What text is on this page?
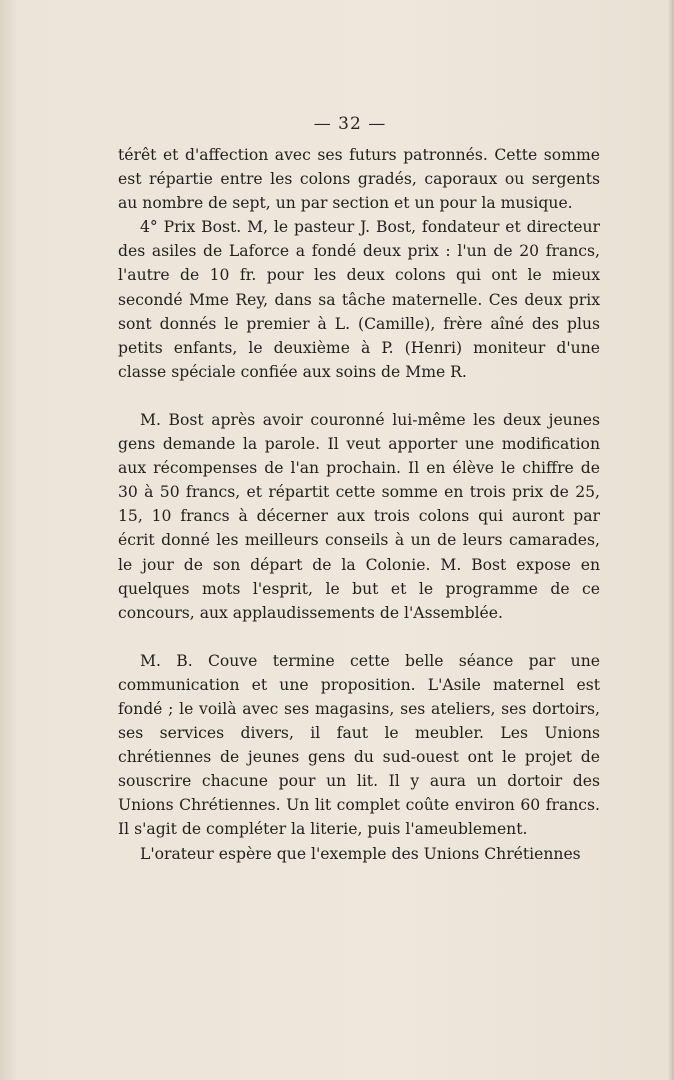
— 32 —

térêt et d'affection avec ses futurs patronnés. Cette somme est répartie entre les colons gradés, caporaux ou sergents au nombre de sept, un par section et un pour la musique.

4° Prix Bost. M, le pasteur J. Bost, fondateur et directeur des asiles de Laforce a fondé deux prix : l'un de 20 francs, l'autre de 10 fr. pour les deux colons qui ont le mieux secondé Mme Rey, dans sa tâche maternelle. Ces deux prix sont donnés le premier à L. (Camille), frère aîné des plus petits enfants, le deuxième à P. (Henri) moniteur d'une classe spéciale confiée aux soins de Mme R.

M. Bost après avoir couronné lui-même les deux jeunes gens demande la parole. Il veut apporter une modification aux récompenses de l'an prochain. Il en élève le chiffre de 30 à 50 francs, et répartit cette somme en trois prix de 25, 15, 10 francs à décerner aux trois colons qui auront par écrit donné les meilleurs conseils à un de leurs camarades, le jour de son départ de la Colonie. M. Bost expose en quelques mots l'esprit, le but et le programme de ce concours, aux applaudissements de l'Assemblée.

M. B. Couve termine cette belle séance par une communication et une proposition. L'Asile maternel est fondé ; le voilà avec ses magasins, ses ateliers, ses dortoirs, ses services divers, il faut le meubler. Les Unions chrétiennes de jeunes gens du sud-ouest ont le projet de souscrire chacune pour un lit. Il y aura un dortoir des Unions Chrétiennes. Un lit complet coûte environ 60 francs. Il s'agit de compléter la literie, puis l'ameublement.

L'orateur espère que l'exemple des Unions Chrétiennes
